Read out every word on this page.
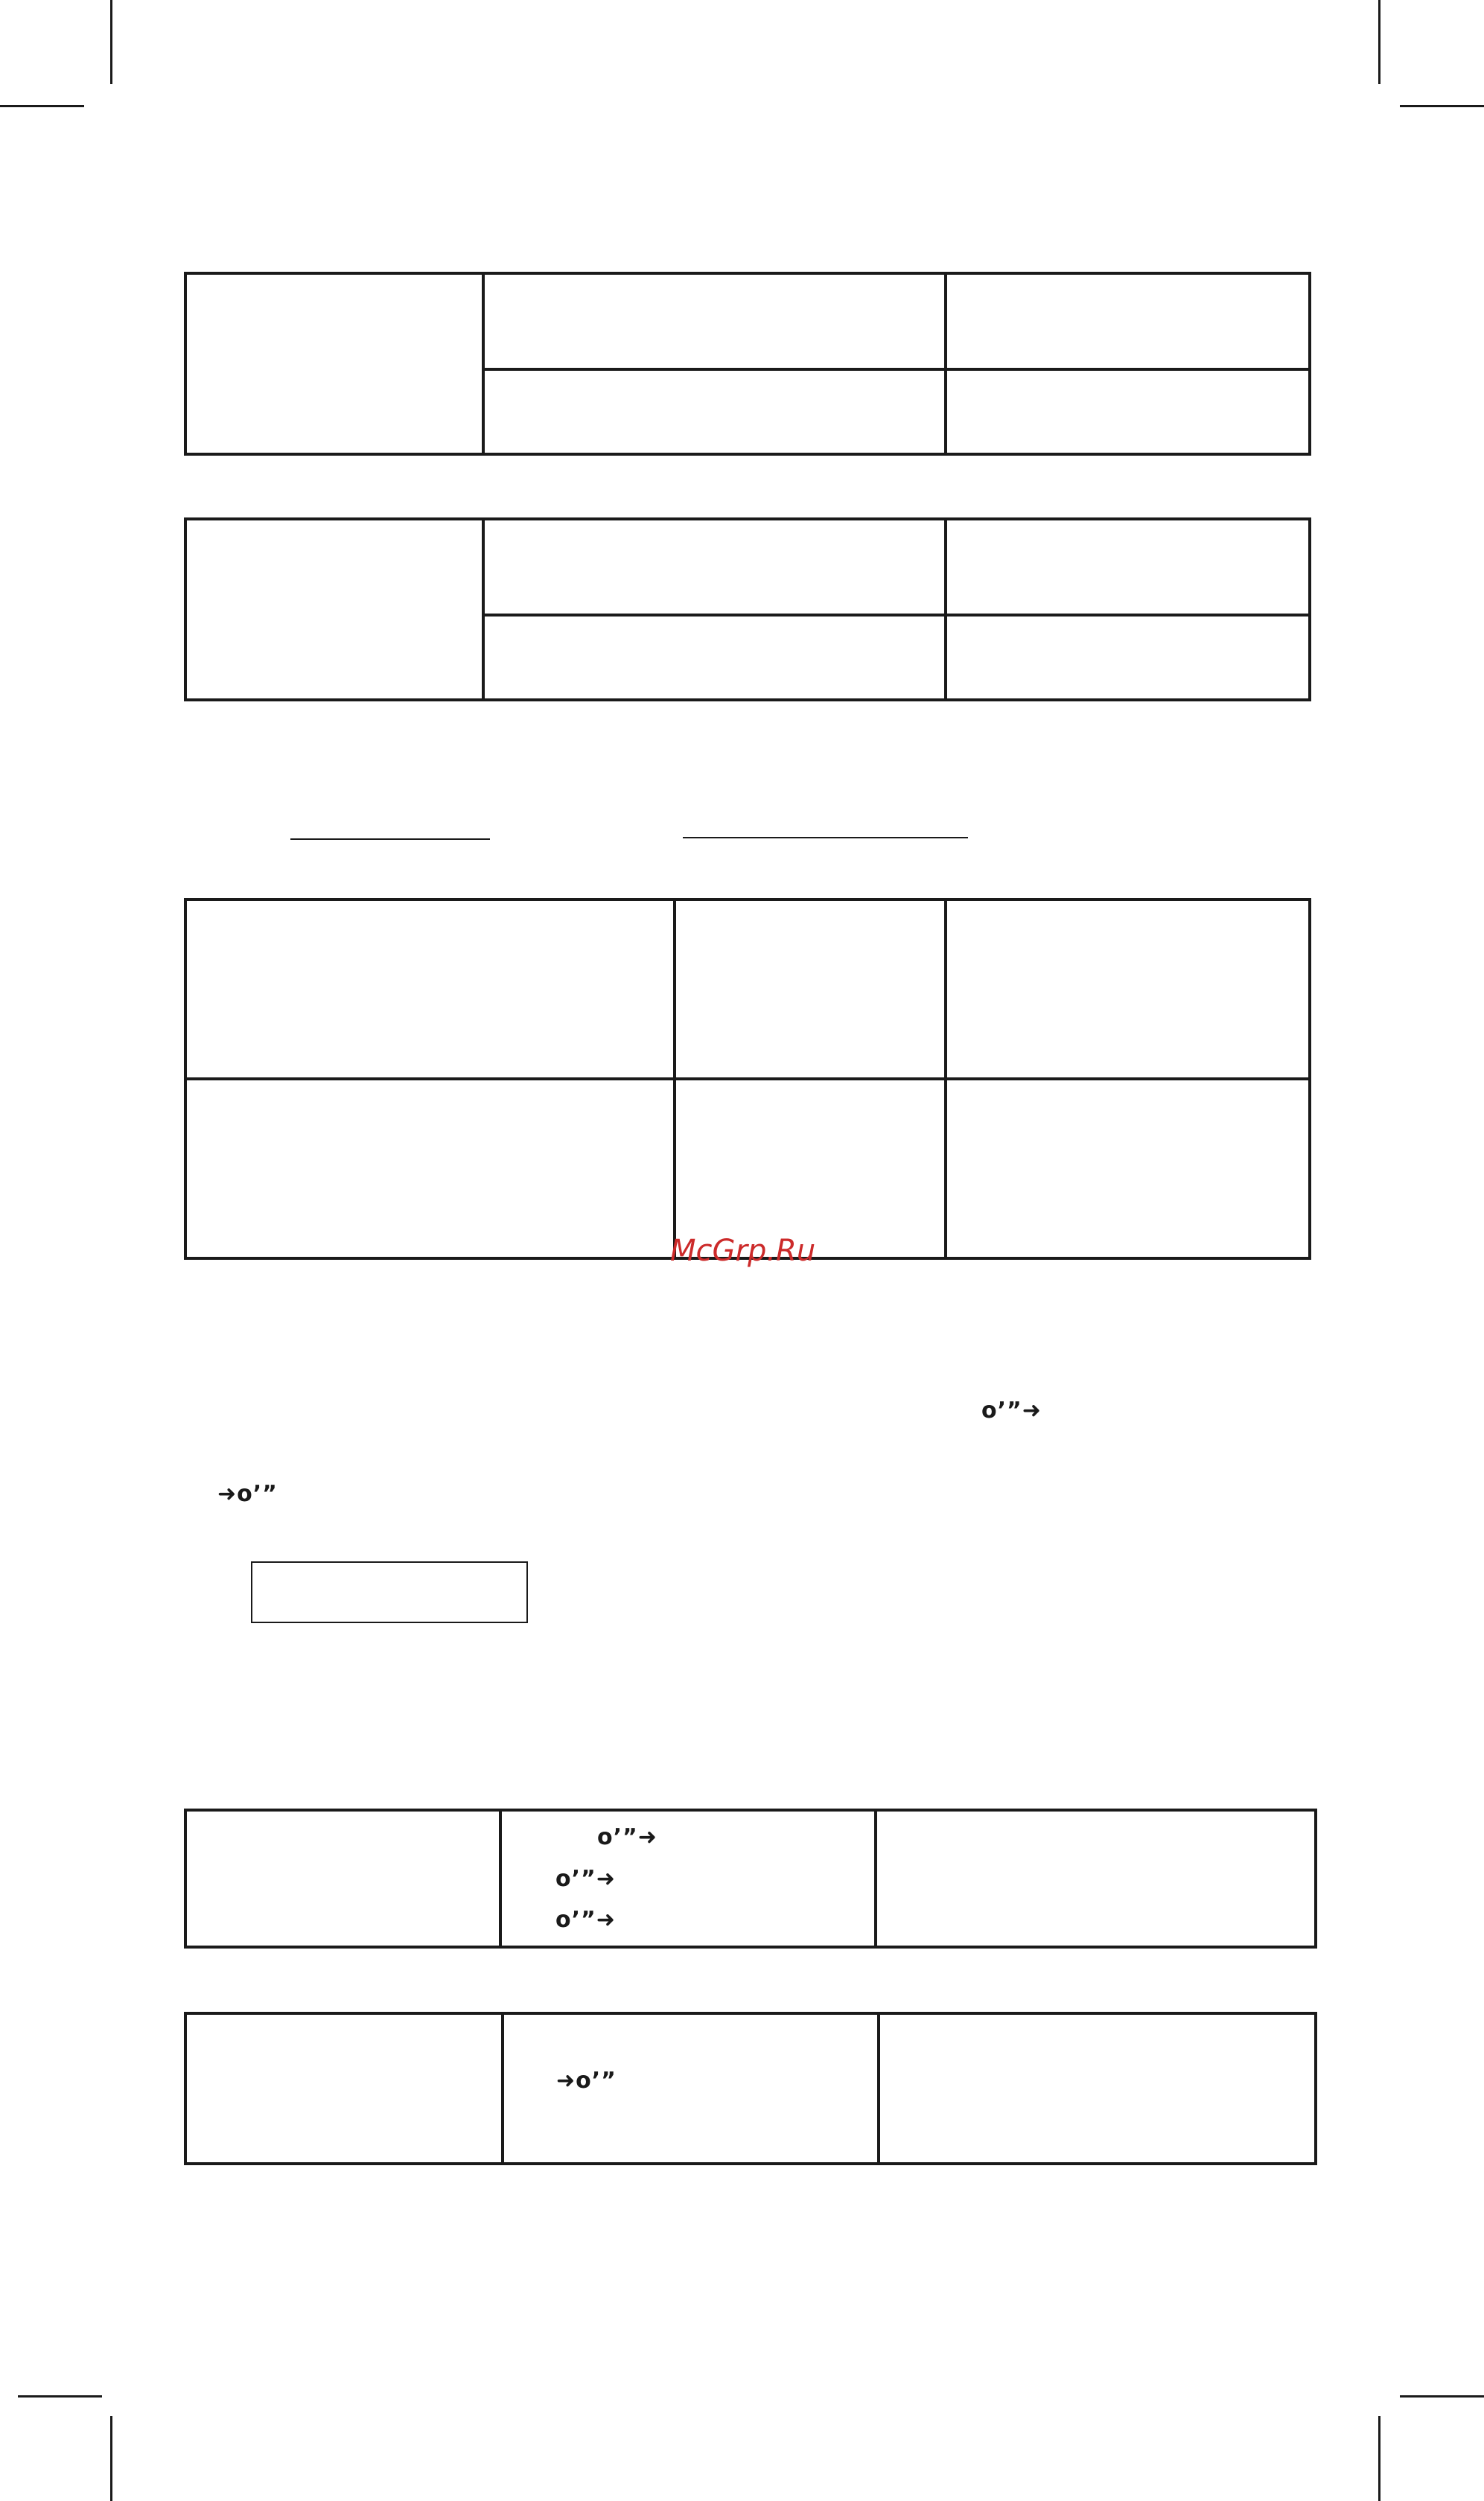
McGrp.Ru
o’”➜
➜o’”
o’”➜
o’”➜
o’”➜
➜o’”
